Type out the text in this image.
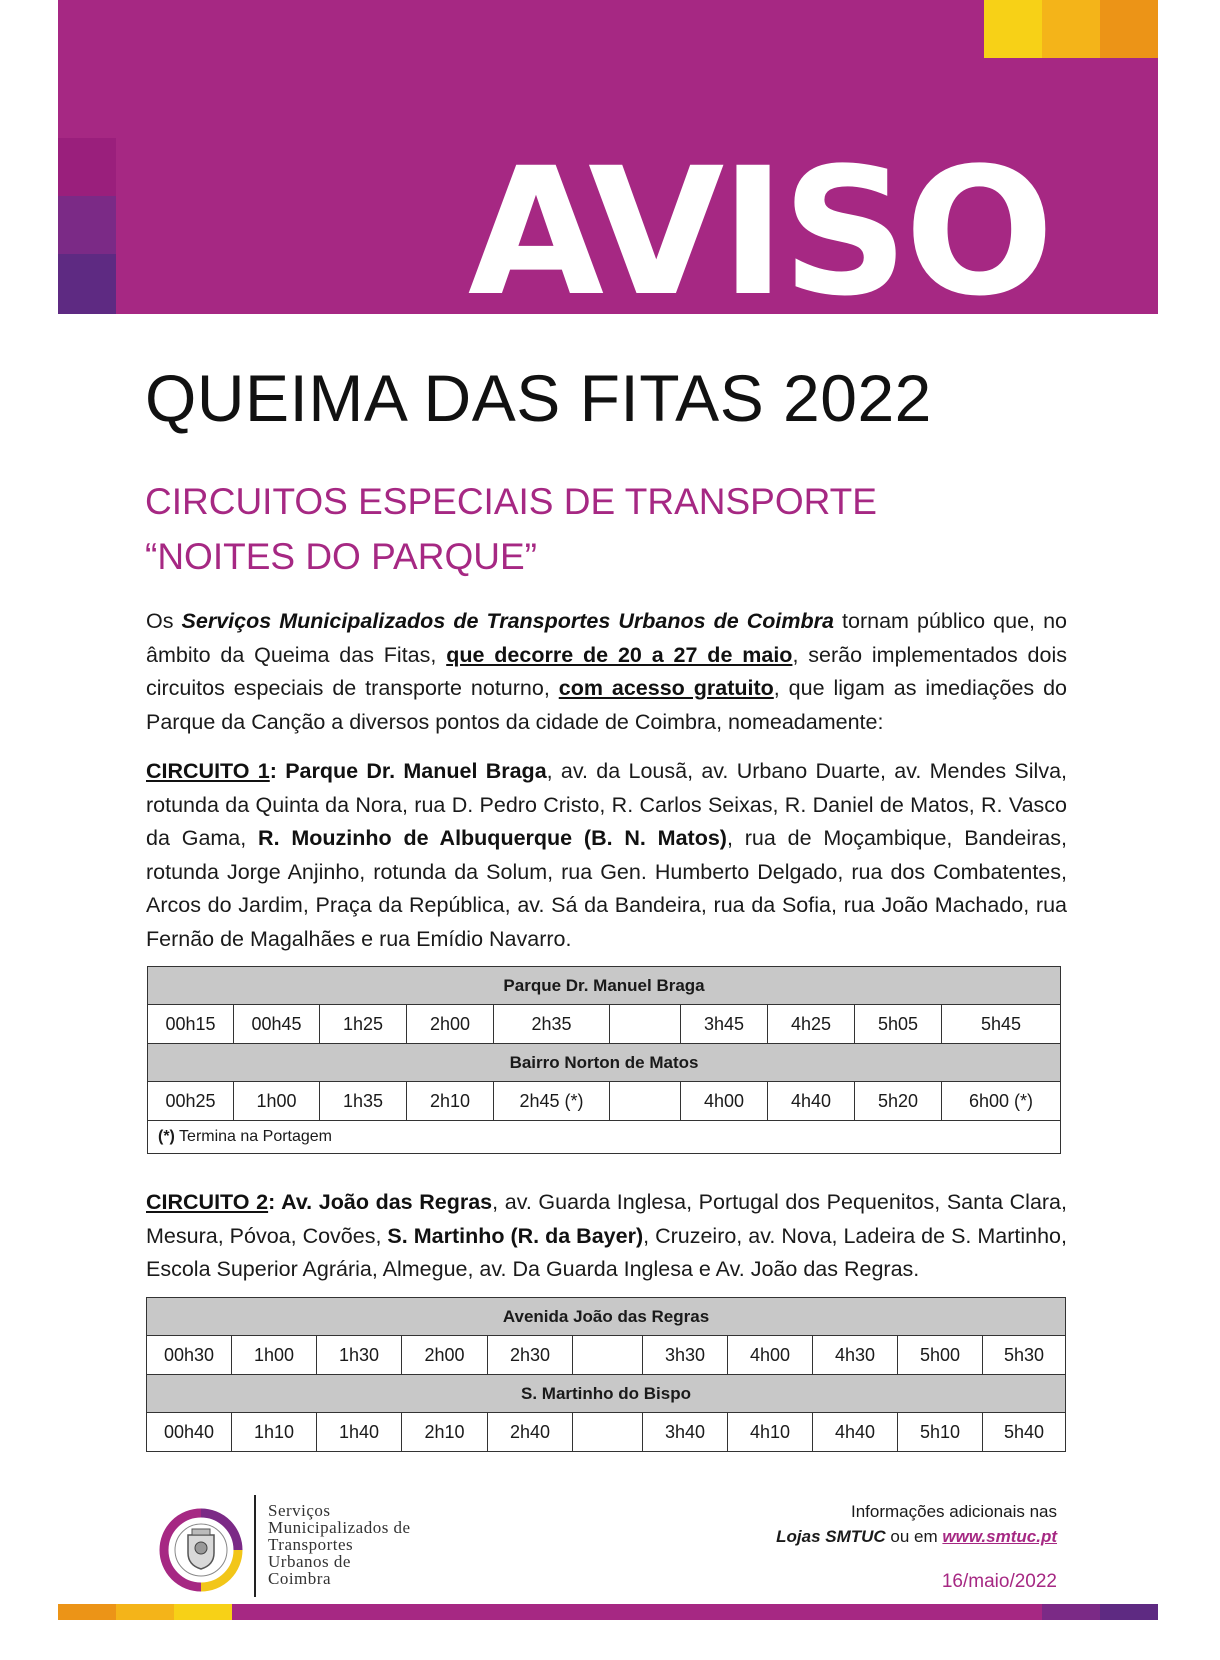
AVISO
QUEIMA DAS FITAS 2022
CIRCUITOS ESPECIAIS DE TRANSPORTE
“NOITES DO PARQUE”
Os Serviços Municipalizados de Transportes Urbanos de Coimbra tornam público que, no âmbito da Queima das Fitas, que decorre de 20 a 27 de maio, serão implementados dois circuitos especiais de transporte noturno, com acesso gratuito, que ligam as imediações do Parque da Canção a diversos pontos da cidade de Coimbra, nomeadamente:
CIRCUITO 1: Parque Dr. Manuel Braga, av. da Lousã, av. Urbano Duarte, av. Mendes Silva, rotunda da Quinta da Nora, rua D. Pedro Cristo, R. Carlos Seixas, R. Daniel de Matos, R. Vasco da Gama, R. Mouzinho de Albuquerque (B. N. Matos), rua de Moçambique, Bandeiras, rotunda Jorge Anjinho, rotunda da Solum, rua Gen. Humberto Delgado, rua dos Combatentes, Arcos do Jardim, Praça da República, av. Sá da Bandeira, rua da Sofia, rua João Machado, rua Fernão de Magalhães e rua Emídio Navarro.
Parque Dr. Manuel Braga									
00h15	00h45	1h25	2h00	2h35		3h45	4h25	5h05	5h45
Bairro Norton de Matos									
00h25	1h00	1h35	2h10	2h45 (*)		4h00	4h40	5h20	6h00 (*)
(*) Termina na Portagem									
CIRCUITO 2: Av. João das Regras, av. Guarda Inglesa, Portugal dos Pequenitos, Santa Clara, Mesura, Póvoa, Covões, S. Martinho (R. da Bayer), Cruzeiro, av. Nova, Ladeira de S. Martinho, Escola Superior Agrária, Almegue, av. Da Guarda Inglesa e Av. João das Regras.
Avenida João das Regras										
00h30	1h00	1h30	2h00	2h30		3h30	4h00	4h30	5h00	5h30
S. Martinho do Bispo										
00h40	1h10	1h40	2h10	2h40		3h40	4h10	4h40	5h10	5h40
Serviços
Municipalizados de
Transportes
Urbanos de
Coimbra
Informações adicionais nas
Lojas SMTUC ou em www.smtuc.pt
16/maio/2022
